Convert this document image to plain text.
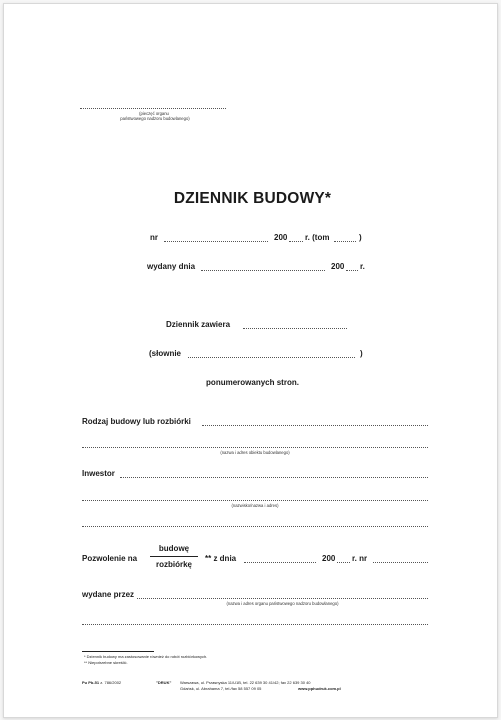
(pieczęć organu
państwowego nadzoru budowlanego)
DZIENNIK BUDOWY*
nr	200 r. (tom	)
wydany dnia	200 r.
Dziennik zawiera
(słownie	)
ponumerowanych stron.
Rodzaj budowy lub rozbiórki
(nazwa i adres obiektu budowlanego)
Inwestor
(nazwisko/nazwa i adres)
Pozwolenie na
budowę
rozbiórkę
** z dnia	200 r. nr
wydane przez
(nazwa i adres organu państwowego nadzoru budowlanego)
* Dziennik budowy ma zastosowanie również do robót rozbiórkowych.
** Niepotrzebne skreślić.
Pu Pb-51 z. 786/2002	"DRUK" Warszawa, ul. Przasnyska 11/U1B, tel. 22 639 30 41/42; fax 22 639 30 40
Gdańsk, ul. Abrahama 7, tel./fax 58 557 09 05	www.pphudruk.com.pl
